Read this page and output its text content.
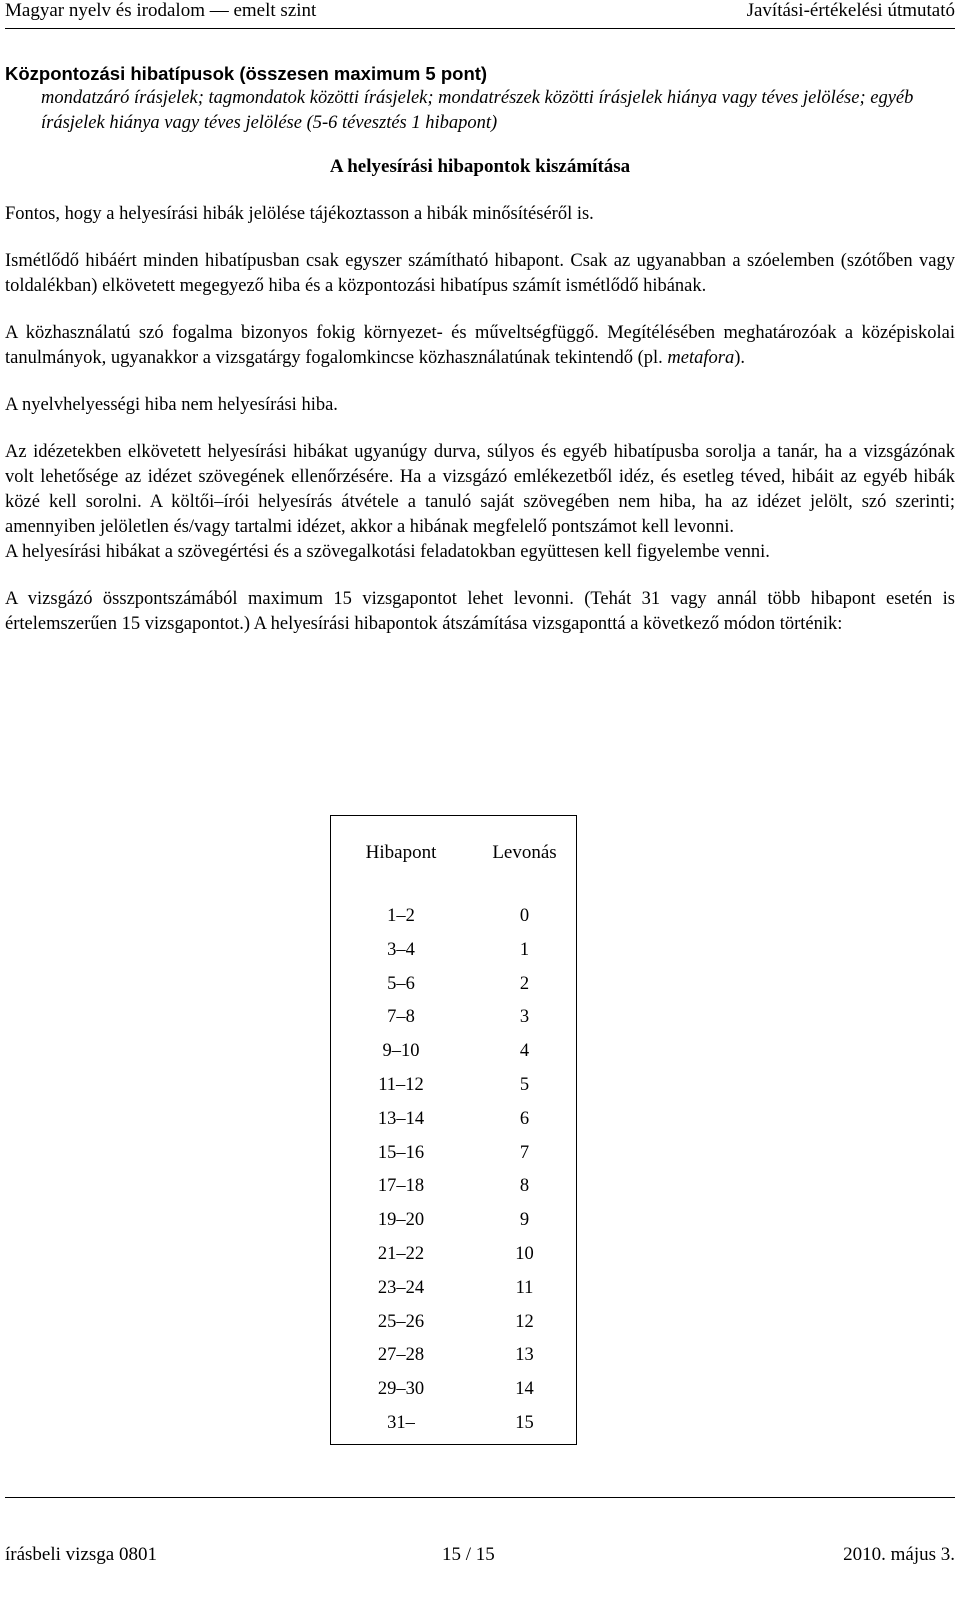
Magyar nyelv és irodalom — emelt szint	Javítási-értékelési útmutató

Központozási hibatípusok (összesen maximum 5 pont)

mondatzáró írásjelek; tagmondatok közötti írásjelek; mondatrészek közötti írásjelek hiánya vagy téves jelölése; egyéb írásjelek hiánya vagy téves jelölése (5-6 tévesztés 1 hibapont)

A helyesírási hibapontok kiszámítása

Fontos, hogy a helyesírási hibák jelölése tájékoztasson a hibák minősítéséről is.

Ismétlődő hibáért minden hibatípusban csak egyszer számítható hibapont. Csak az ugyanabban a szóelemben (szótőben vagy toldalékban) elkövetett megegyező hiba és a központozási hibatípus számít ismétlődő hibának.

A közhasználatú szó fogalma bizonyos fokig környezet- és műveltségfüggő. Megítélésében meghatározóak a középiskolai tanulmányok, ugyanakkor a vizsgatárgy fogalomkincse közhasználatúnak tekintendő (pl. metafora).

A nyelvhelyességi hiba nem helyesírási hiba.

Az idézetekben elkövetett helyesírási hibákat ugyanúgy durva, súlyos és egyéb hibatípusba sorolja a tanár, ha a vizsgázónak volt lehetősége az idézet szövegének ellenőrzésére. Ha a vizsgázó emlékezetből idéz, és esetleg téved, hibáit az egyéb hibák közé kell sorolni. A költői–írói helyesírás átvétele a tanuló saját szövegében nem hiba, ha az idézet jelölt, szó szerinti; amennyiben jelöletlen és/vagy tartalmi idézet, akkor a hibának megfelelő pontszámot kell levonni.

A helyesírási hibákat a szövegértési és a szövegalkotási feladatokban együttesen kell figyelembe venni.

A vizsgázó összpontszámából maximum 15 vizsgapontot lehet levonni. (Tehát 31 vagy annál több hibapont esetén is értelemszerűen 15 vizsgapontot.) A helyesírási hibapontok átszámítása vizsgaponttá a következő módon történik:

Hibapont	Levonás
1–2	0
3–4	1
5–6	2
7–8	3
9–10	4
11–12	5
13–14	6
15–16	7
17–18	8
19–20	9
21–22	10
23–24	11
25–26	12
27–28	13
29–30	14
31–	15
írásbeli vizsga 0801	15 / 15	2010. május 3.
